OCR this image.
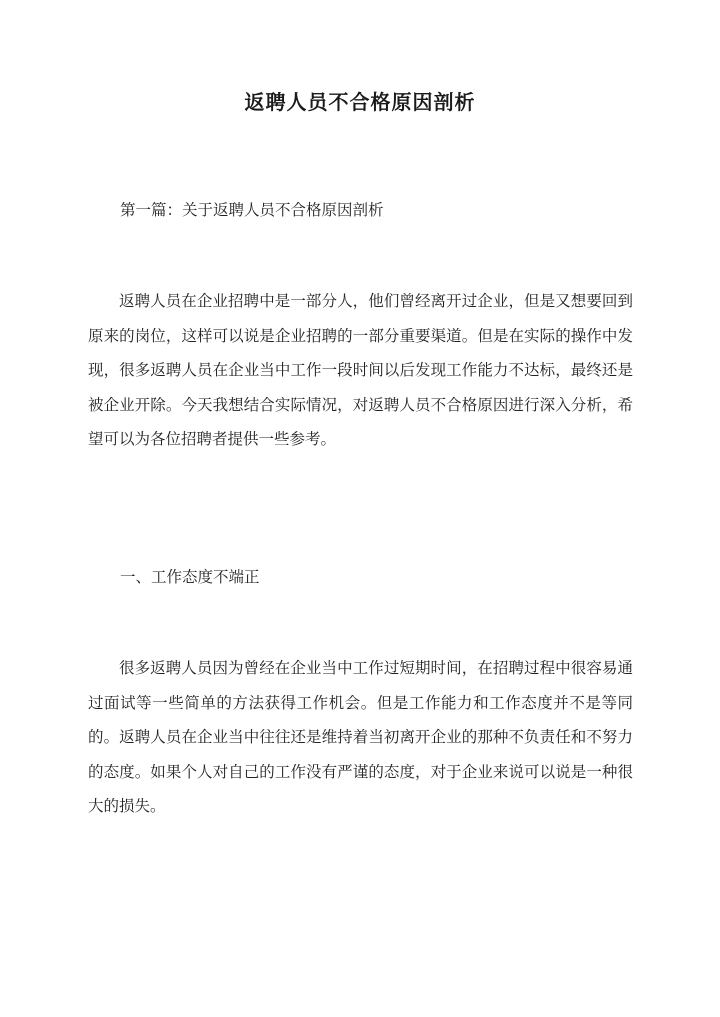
返聘人员不合格原因剖析
第一篇：关于返聘人员不合格原因剖析

返聘人员在企业招聘中是一部分人，他们曾经离开过企业，但是又想要回到原来的岗位，这样可以说是企业招聘的一部分重要渠道。但是在实际的操作中发现，很多返聘人员在企业当中工作一段时间以后发现工作能力不达标，最终还是被企业开除。今天我想结合实际情况，对返聘人员不合格原因进行深入分析，希望可以为各位招聘者提供一些参考。

一、工作态度不端正

很多返聘人员因为曾经在企业当中工作过短期时间，在招聘过程中很容易通过面试等一些简单的方法获得工作机会。但是工作能力和工作态度并不是等同的。返聘人员在企业当中往往还是维持着当初离开企业的那种不负责任和不努力的态度。如果个人对自己的工作没有严谨的态度，对于企业来说可以说是一种很大的损失。
